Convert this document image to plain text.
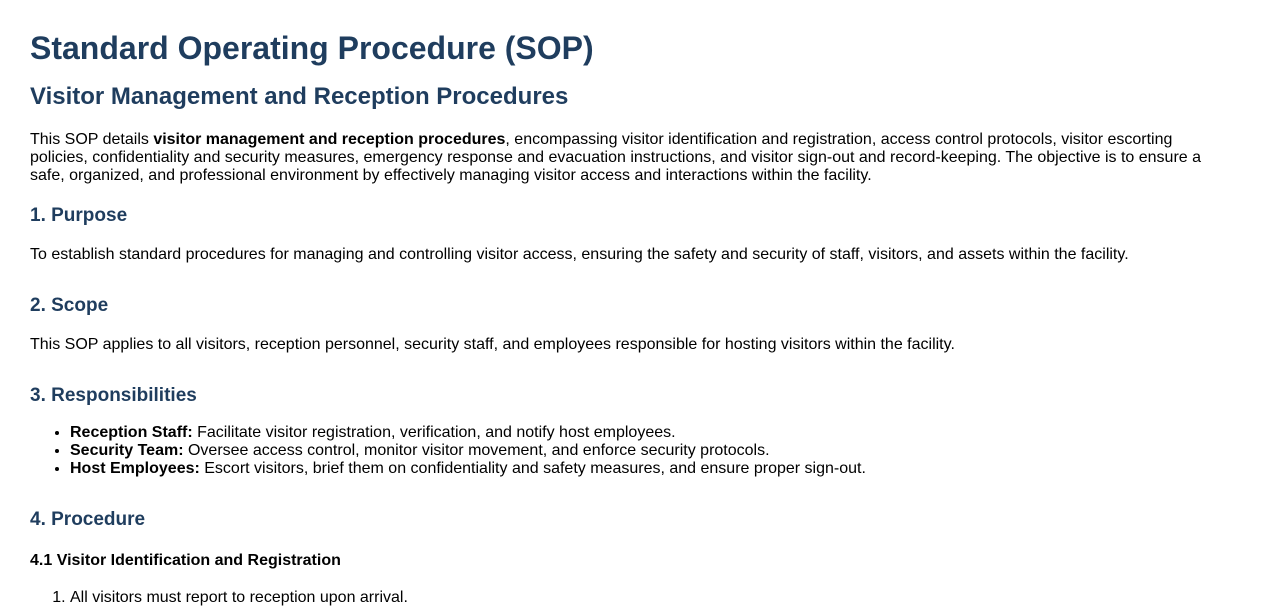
Standard Operating Procedure (SOP)
Visitor Management and Reception Procedures

This SOP details visitor management and reception procedures, encompassing visitor identification and registration, access control protocols, visitor escorting policies, confidentiality and security measures, emergency response and evacuation instructions, and visitor sign-out and record-keeping. The objective is to ensure a safe, organized, and professional environment by effectively managing visitor access and interactions within the facility.

1. Purpose

To establish standard procedures for managing and controlling visitor access, ensuring the safety and security of staff, visitors, and assets within the facility.

2. Scope

This SOP applies to all visitors, reception personnel, security staff, and employees responsible for hosting visitors within the facility.

3. Responsibilities
• Reception Staff: Facilitate visitor registration, verification, and notify host employees.
• Security Team: Oversee access control, monitor visitor movement, and enforce security protocols.
• Host Employees: Escort visitors, brief them on confidentiality and safety measures, and ensure proper sign-out.
4. Procedure
4.1 Visitor Identification and Registration
1. All visitors must report to reception upon arrival.
